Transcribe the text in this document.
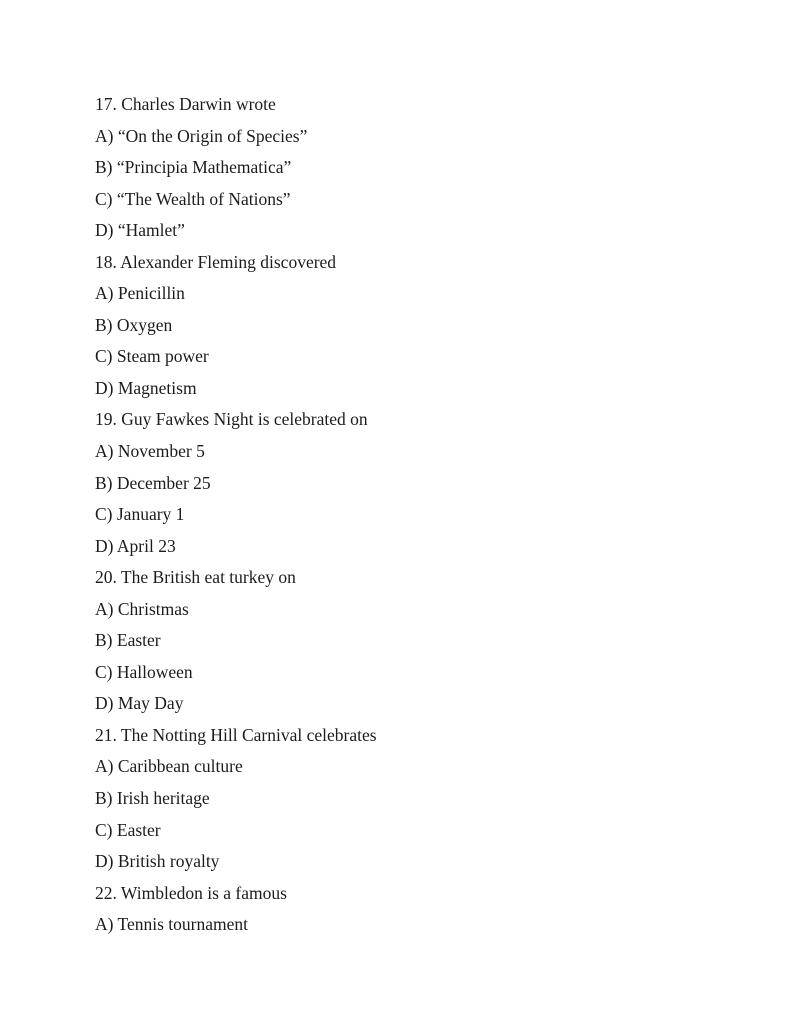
17. Charles Darwin wrote
A) “On the Origin of Species”
B) “Principia Mathematica”
C) “The Wealth of Nations”
D) “Hamlet”
18. Alexander Fleming discovered
A) Penicillin
B) Oxygen
C) Steam power
D) Magnetism
19. Guy Fawkes Night is celebrated on
A) November 5
B) December 25
C) January 1
D) April 23
20. The British eat turkey on
A) Christmas
B) Easter
C) Halloween
D) May Day
21. The Notting Hill Carnival celebrates
A) Caribbean culture
B) Irish heritage
C) Easter
D) British royalty
22. Wimbledon is a famous
A) Tennis tournament
